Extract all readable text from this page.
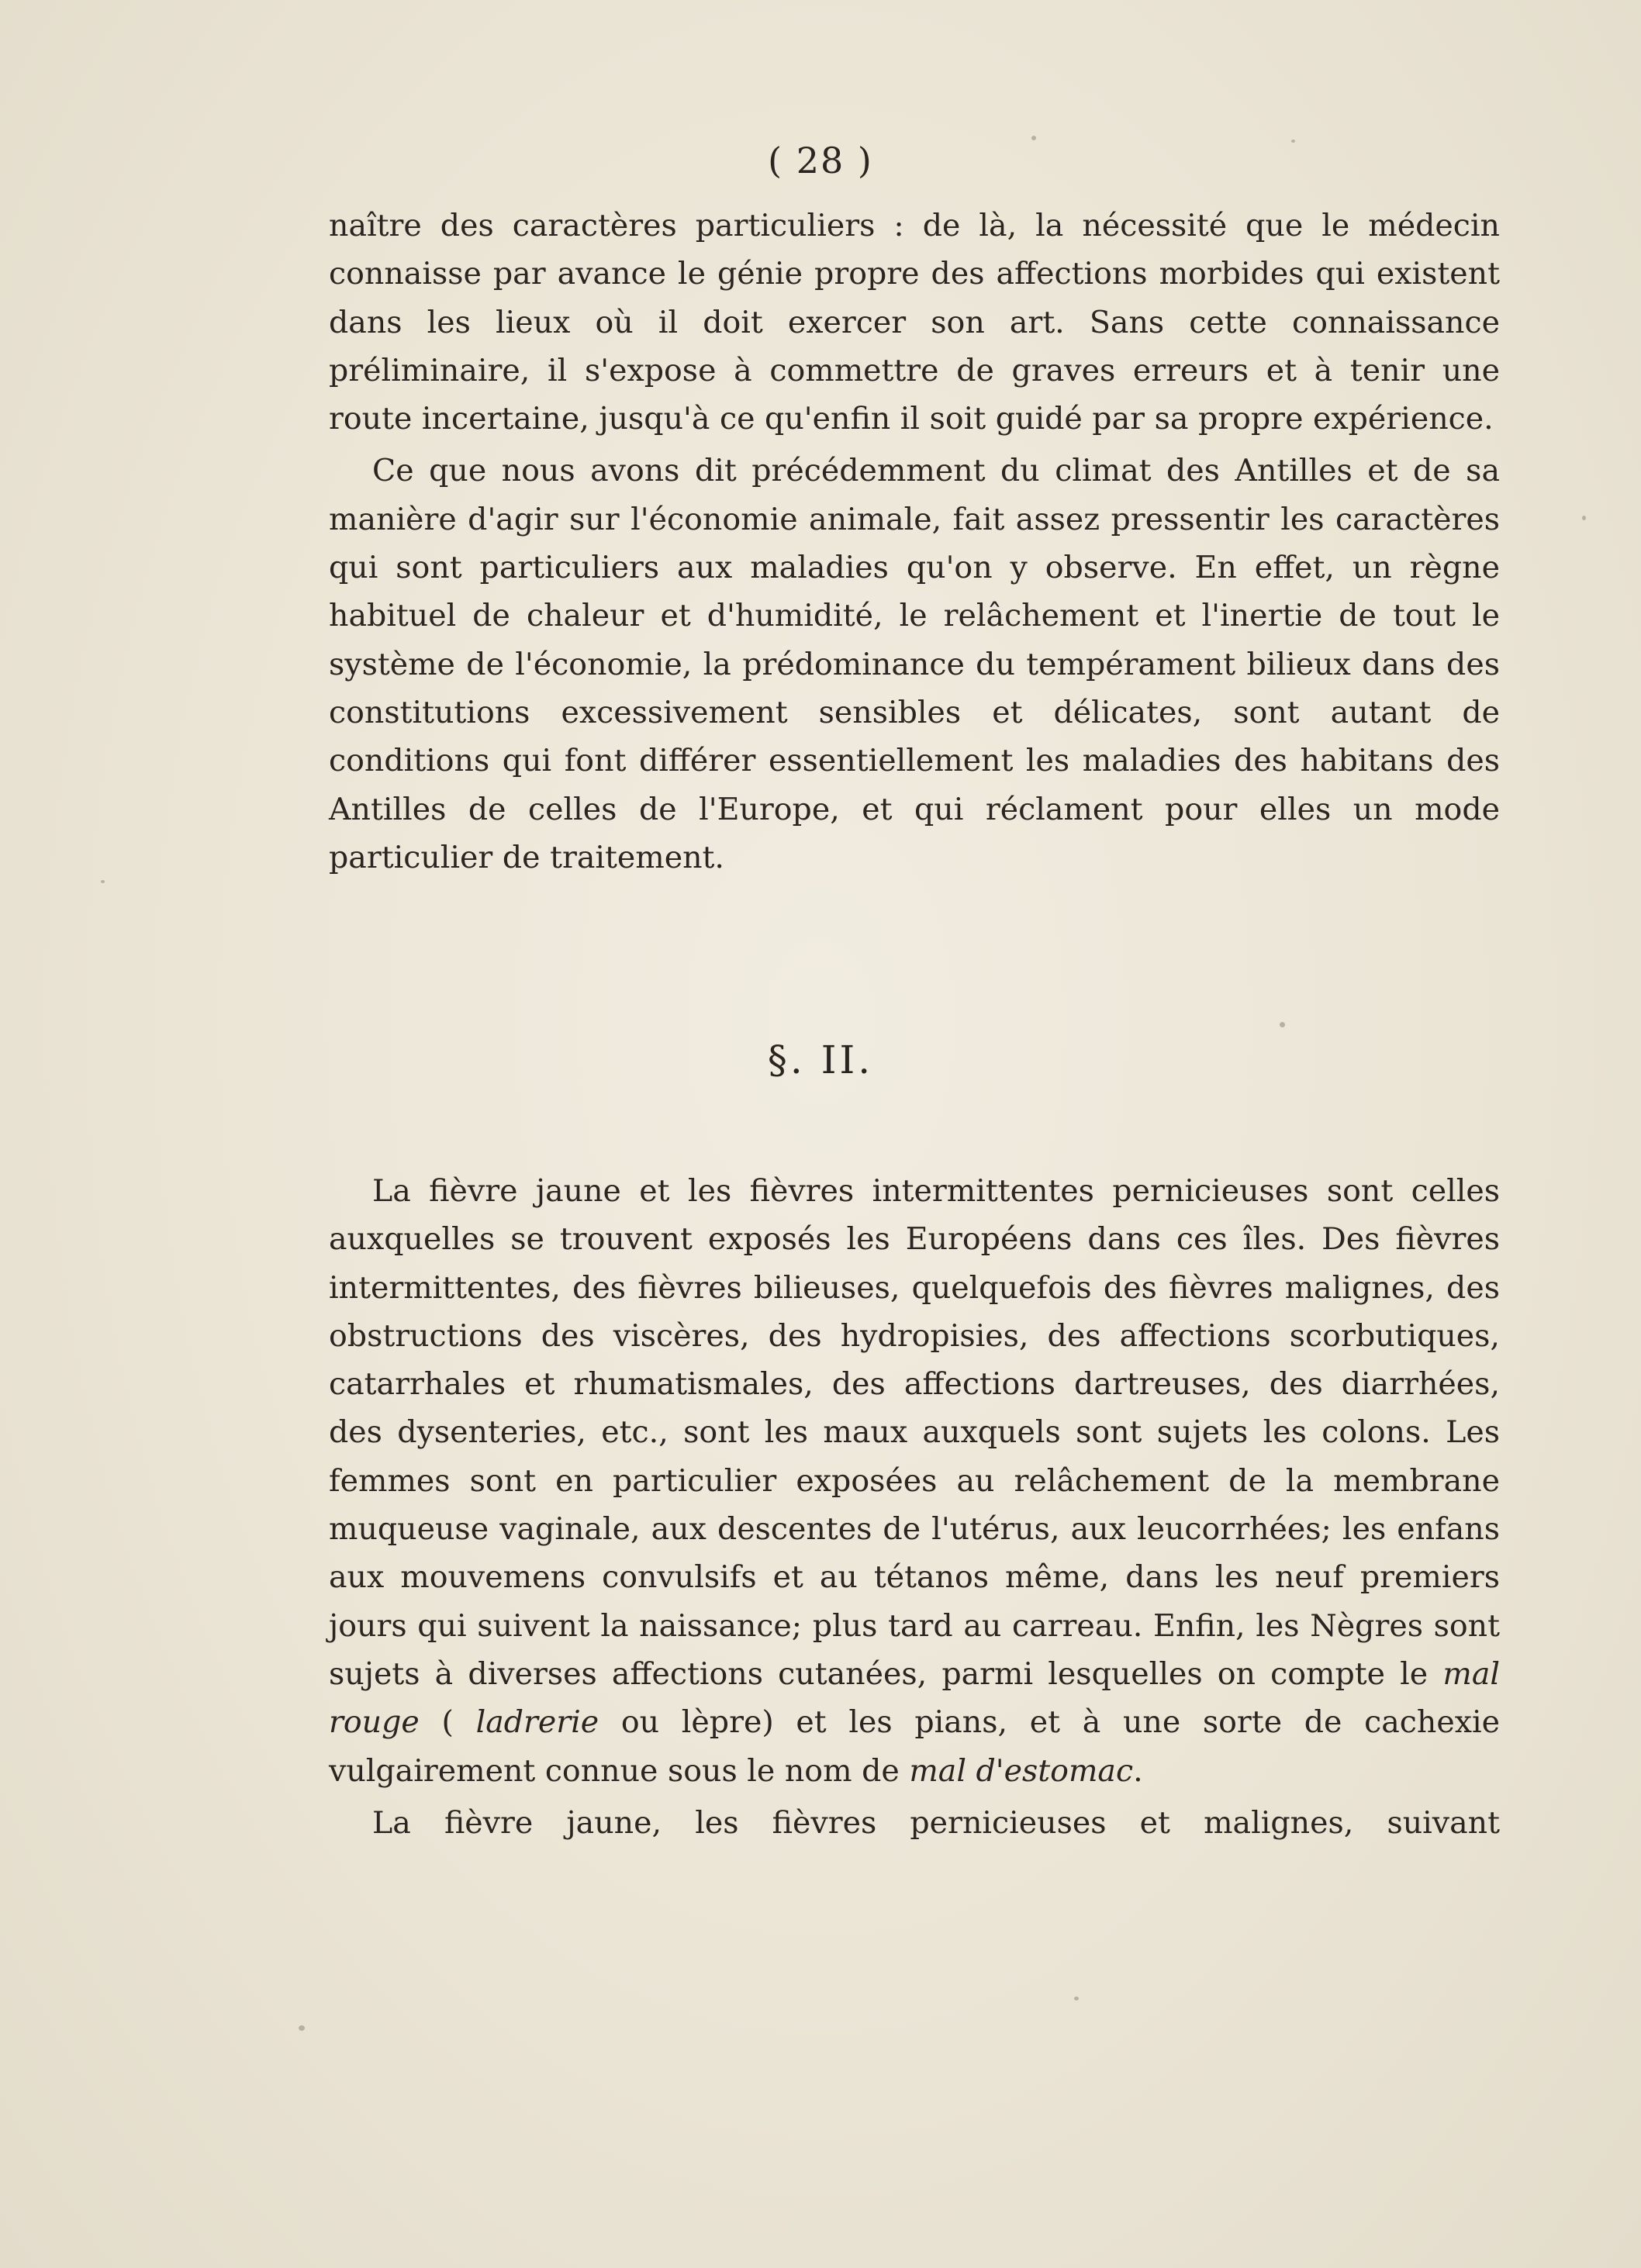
( 28 )

naître des caractères particuliers : de là, la nécessité que le médecin connaisse par avance le génie propre des affections morbides qui existent dans les lieux où il doit exercer son art. Sans cette connaissance préliminaire, il s'expose à commettre de graves erreurs et à tenir une route incertaine, jusqu'à ce qu'enfin il soit guidé par sa propre expérience.

Ce que nous avons dit précédemment du climat des Antilles et de sa manière d'agir sur l'économie animale, fait assez pressentir les caractères qui sont particuliers aux maladies qu'on y observe. En effet, un règne habituel de chaleur et d'humidité, le relâchement et l'inertie de tout le système de l'économie, la prédominance du tempérament bilieux dans des constitutions excessivement sensibles et délicates, sont autant de conditions qui font différer essentiellement les maladies des habitans des Antilles de celles de l'Europe, et qui réclament pour elles un mode particulier de traitement.

§. II.

La fièvre jaune et les fièvres intermittentes pernicieuses sont celles auxquelles se trouvent exposés les Européens dans ces îles. Des fièvres intermittentes, des fièvres bilieuses, quelquefois des fièvres malignes, des obstructions des viscères, des hydropisies, des affections scorbutiques, catarrhales et rhumatismales, des affections dartreuses, des diarrhées, des dysenteries, etc., sont les maux auxquels sont sujets les colons. Les femmes sont en particulier exposées au relâchement de la membrane muqueuse vaginale, aux descentes de l'utérus, aux leucorrhées; les enfans aux mouvemens convulsifs et au tétanos même, dans les neuf premiers jours qui suivent la naissance; plus tard au carreau. Enfin, les Nègres sont sujets à diverses affections cutanées, parmi lesquelles on compte le mal rouge ( ladrerie ou lèpre) et les pians, et à une sorte de cachexie vulgairement connue sous le nom de mal d'estomac.

La fièvre jaune, les fièvres pernicieuses et malignes, suivant
